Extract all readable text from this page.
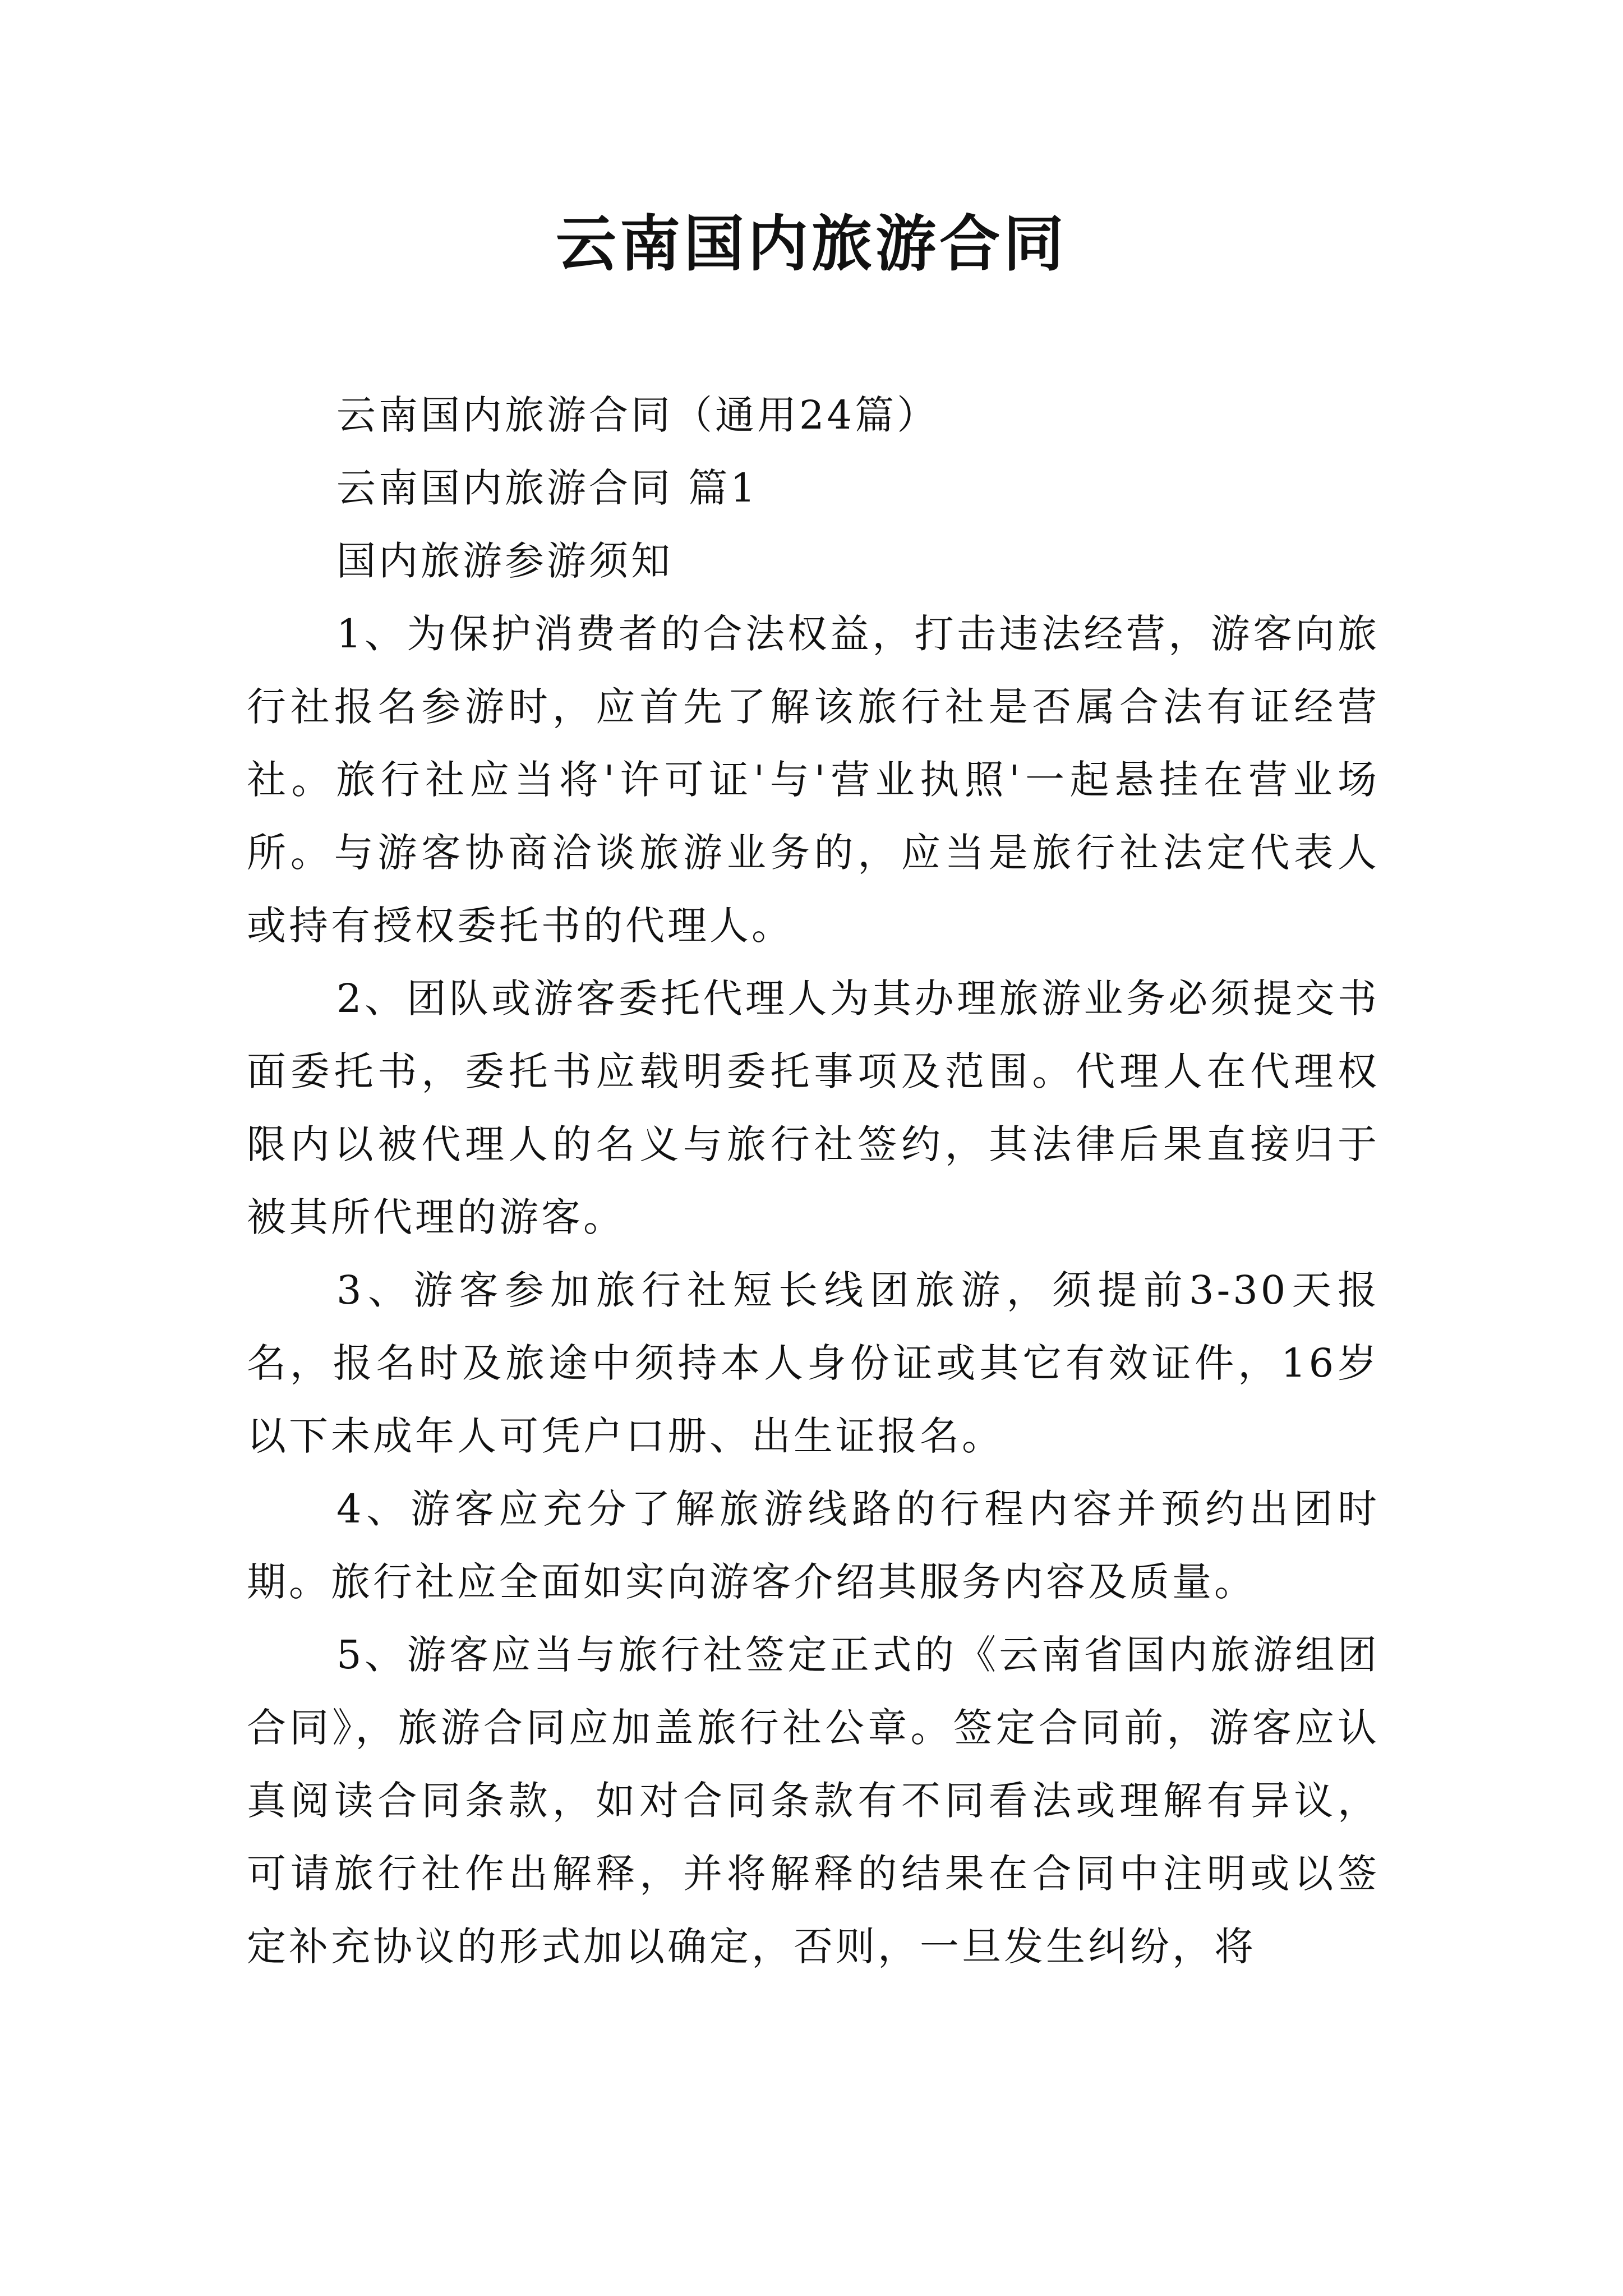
云南国内旅游合同

云南国内旅游合同（通用24篇）

云南国内旅游合同 篇1

国内旅游参游须知

1、为保护消费者的合法权益，打击违法经营，游客向旅行社报名参游时，应首先了解该旅行社是否属合法有证经营社。旅行社应当将'许可证'与'营业执照'一起悬挂在营业场所。与游客协商洽谈旅游业务的，应当是旅行社法定代表人或持有授权委托书的代理人。

2、团队或游客委托代理人为其办理旅游业务必须提交书面委托书，委托书应载明委托事项及范围。代理人在代理权限内以被代理人的名义与旅行社签约，其法律后果直接归于被其所代理的游客。

3、游客参加旅行社短长线团旅游，须提前3-30天报名，报名时及旅途中须持本人身份证或其它有效证件，16岁以下未成年人可凭户口册、出生证报名。

4、游客应充分了解旅游线路的行程内容并预约出团时期。旅行社应全面如实向游客介绍其服务内容及质量。

5、游客应当与旅行社签定正式的《云南省国内旅游组团合同》，旅游合同应加盖旅行社公章。签定合同前，游客应认真阅读合同条款，如对合同条款有不同看法或理解有异议，可请旅行社作出解释，并将解释的结果在合同中注明或以签定补充协议的形式加以确定，否则，一旦发生纠纷，将
